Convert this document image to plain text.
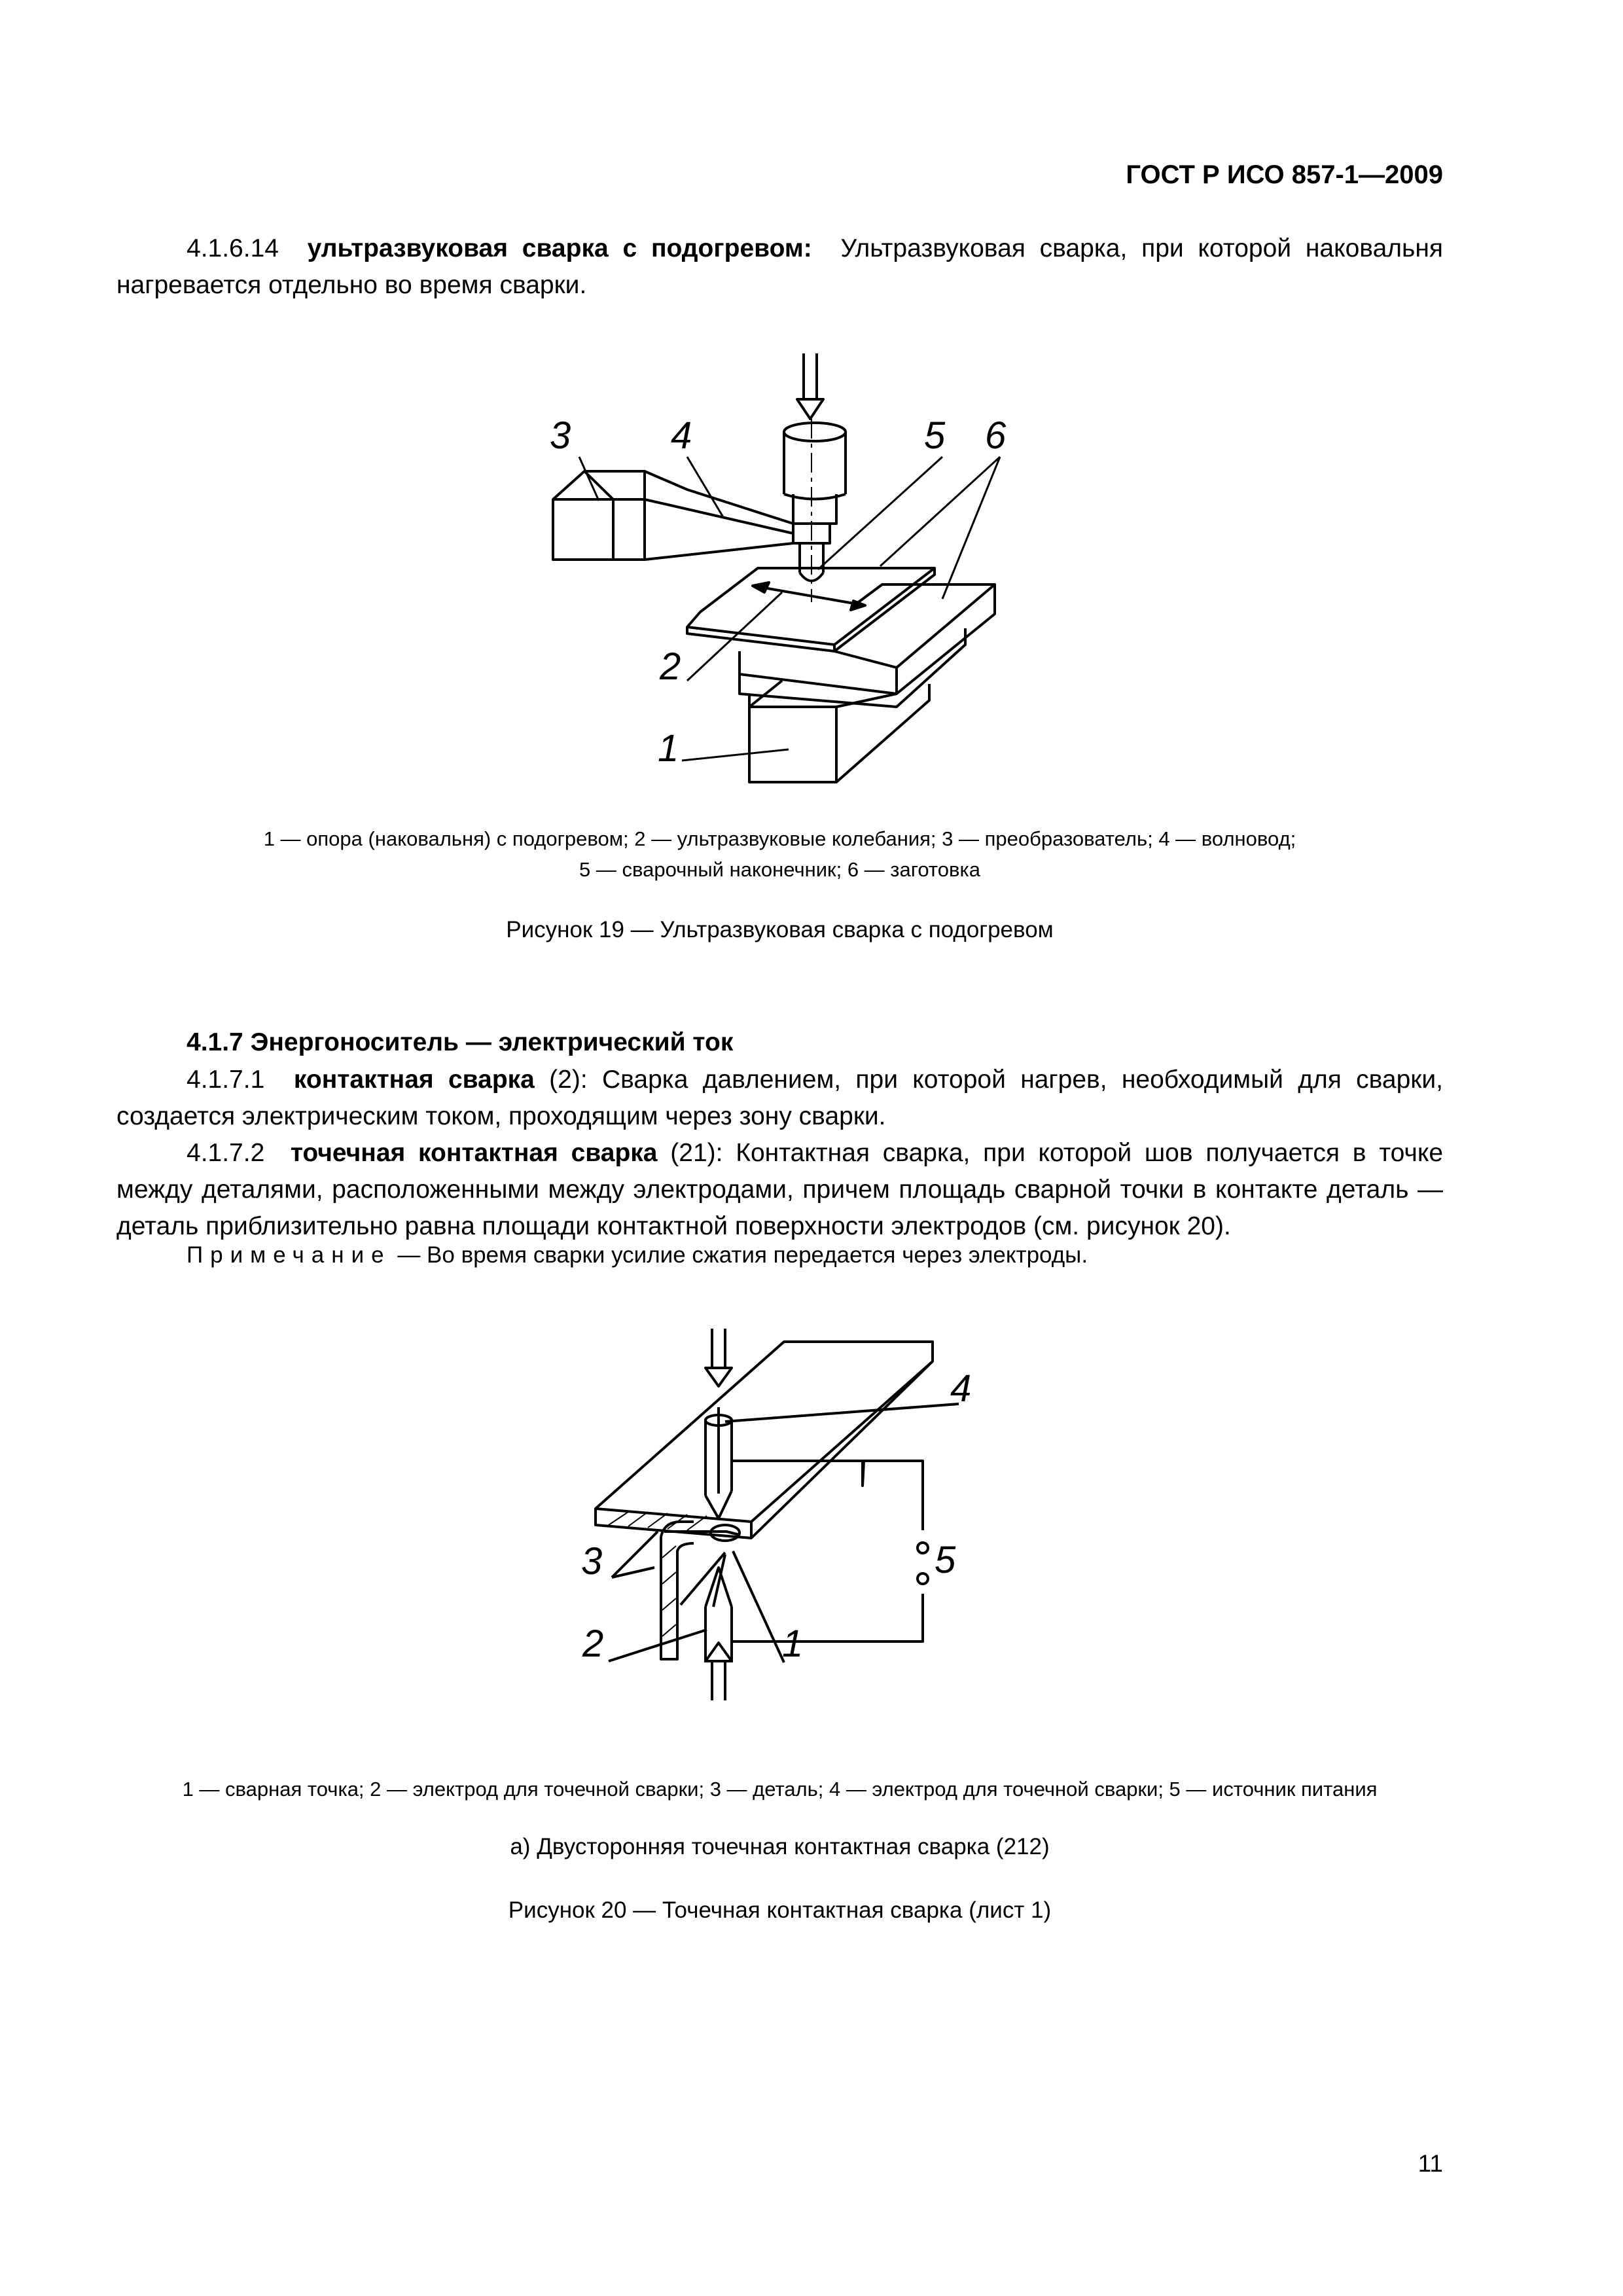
ГОСТ Р ИСО 857-1—2009
4.1.6.14 ультразвуковая сварка с подогревом: Ультразвуковая сварка, при которой наковальня нагревается отдельно во время сварки.
3	4	5 6
2
1
1 — опора (наковальня) с подогревом; 2 — ультразвуковые колебания; 3 — преобразователь; 4 — волновод;
5 — сварочный наконечник; 6 — заготовка
Рисунок 19 — Ультразвуковая сварка с подогревом
4.1.7 Энергоноситель — электрический ток
4.1.7.1 контактная сварка (2): Сварка давлением, при которой нагрев, необходимый для сварки, создается электрическим током, проходящим через зону сварки.
4.1.7.2 точечная контактная сварка (21): Контактная сварка, при которой шов получается в точке между деталями, расположенными между электродами, причем площадь сварной точки в контакте деталь — деталь приблизительно равна площади контактной поверхности электродов (см. рисунок 20).
Примечание — Во время сварки усилие сжатия передается через электроды.
4
3	5
2	1
1 — сварная точка; 2 — электрод для точечной сварки; 3 — деталь; 4 — электрод для точечной сварки; 5 — источник питания
а) Двусторонняя точечная контактная сварка (212)
Рисунок 20 — Точечная контактная сварка (лист 1)
11
